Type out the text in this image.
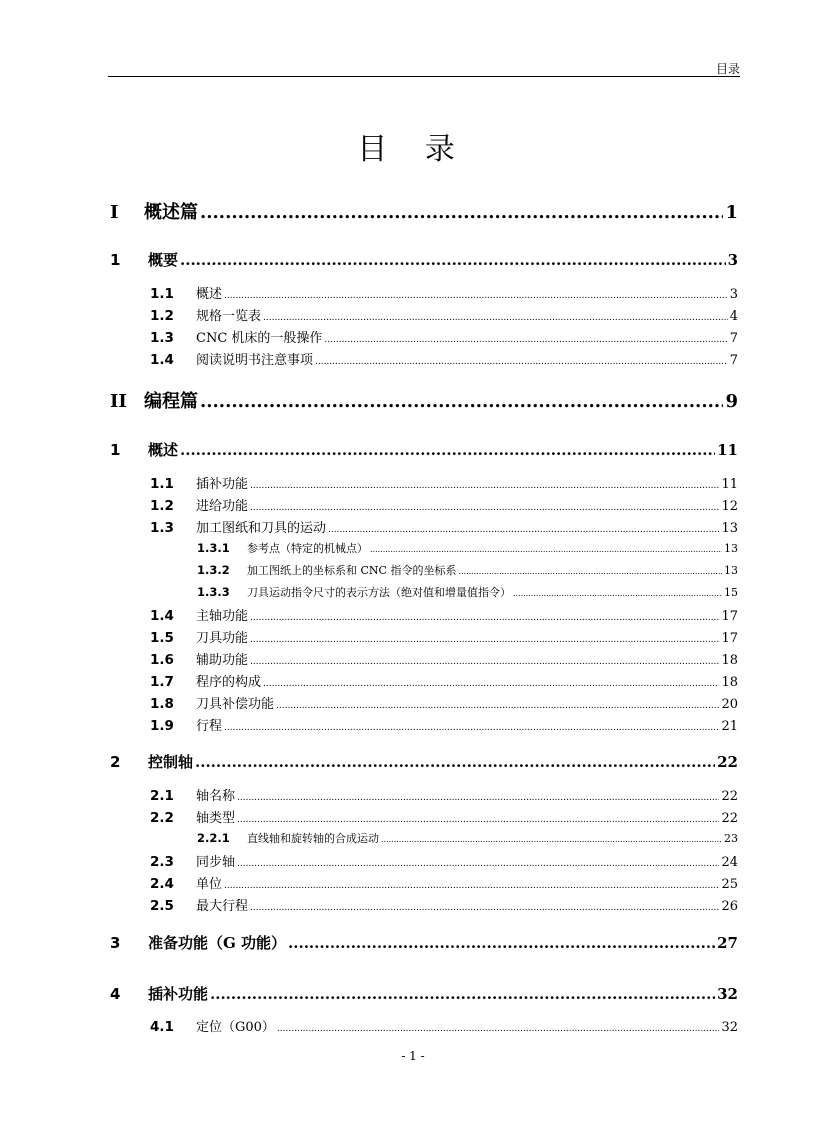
目录
目 录
I	概述篇 .....	1
1	概要 .....	3
1.1	概述 .....	3
1.2	规格一览表 .....	4
1.3	CNC 机床的一般操作 .....	7
1.4	阅读说明书注意事项 .....	7
II 编程篇 .....	9
1	概述 .....	11
1.1	插补功能 .....	11
1.2	进给功能 .....	12
1.3	加工图纸和刀具的运动 .....	13
1.3.1	参考点（特定的机械点） .....	13
1.3.2	加工图纸上的坐标系和 CNC 指令的坐标系 .....	13
1.3.3	刀具运动指令尺寸的表示方法（绝对值和增量值指令） .....	15
1.4	主轴功能 .....	17
1.5	刀具功能 .....	17
1.6	辅助功能 .....	18
1.7	程序的构成 .....	18
1.8	刀具补偿功能 .....	20
1.9	行程 .....	21
2	控制轴 .....	22
2.1	轴名称 .....	22
2.2	轴类型 .....	22
2.2.1	直线轴和旋转轴的合成运动 .....	23
2.3	同步轴 .....	24
2.4	单位 .....	25
2.5	最大行程 .....	26
3	准备功能（G 功能） .....	27
4	插补功能 .....	32
4.1	定位（G00） .....	32
- 1 -
